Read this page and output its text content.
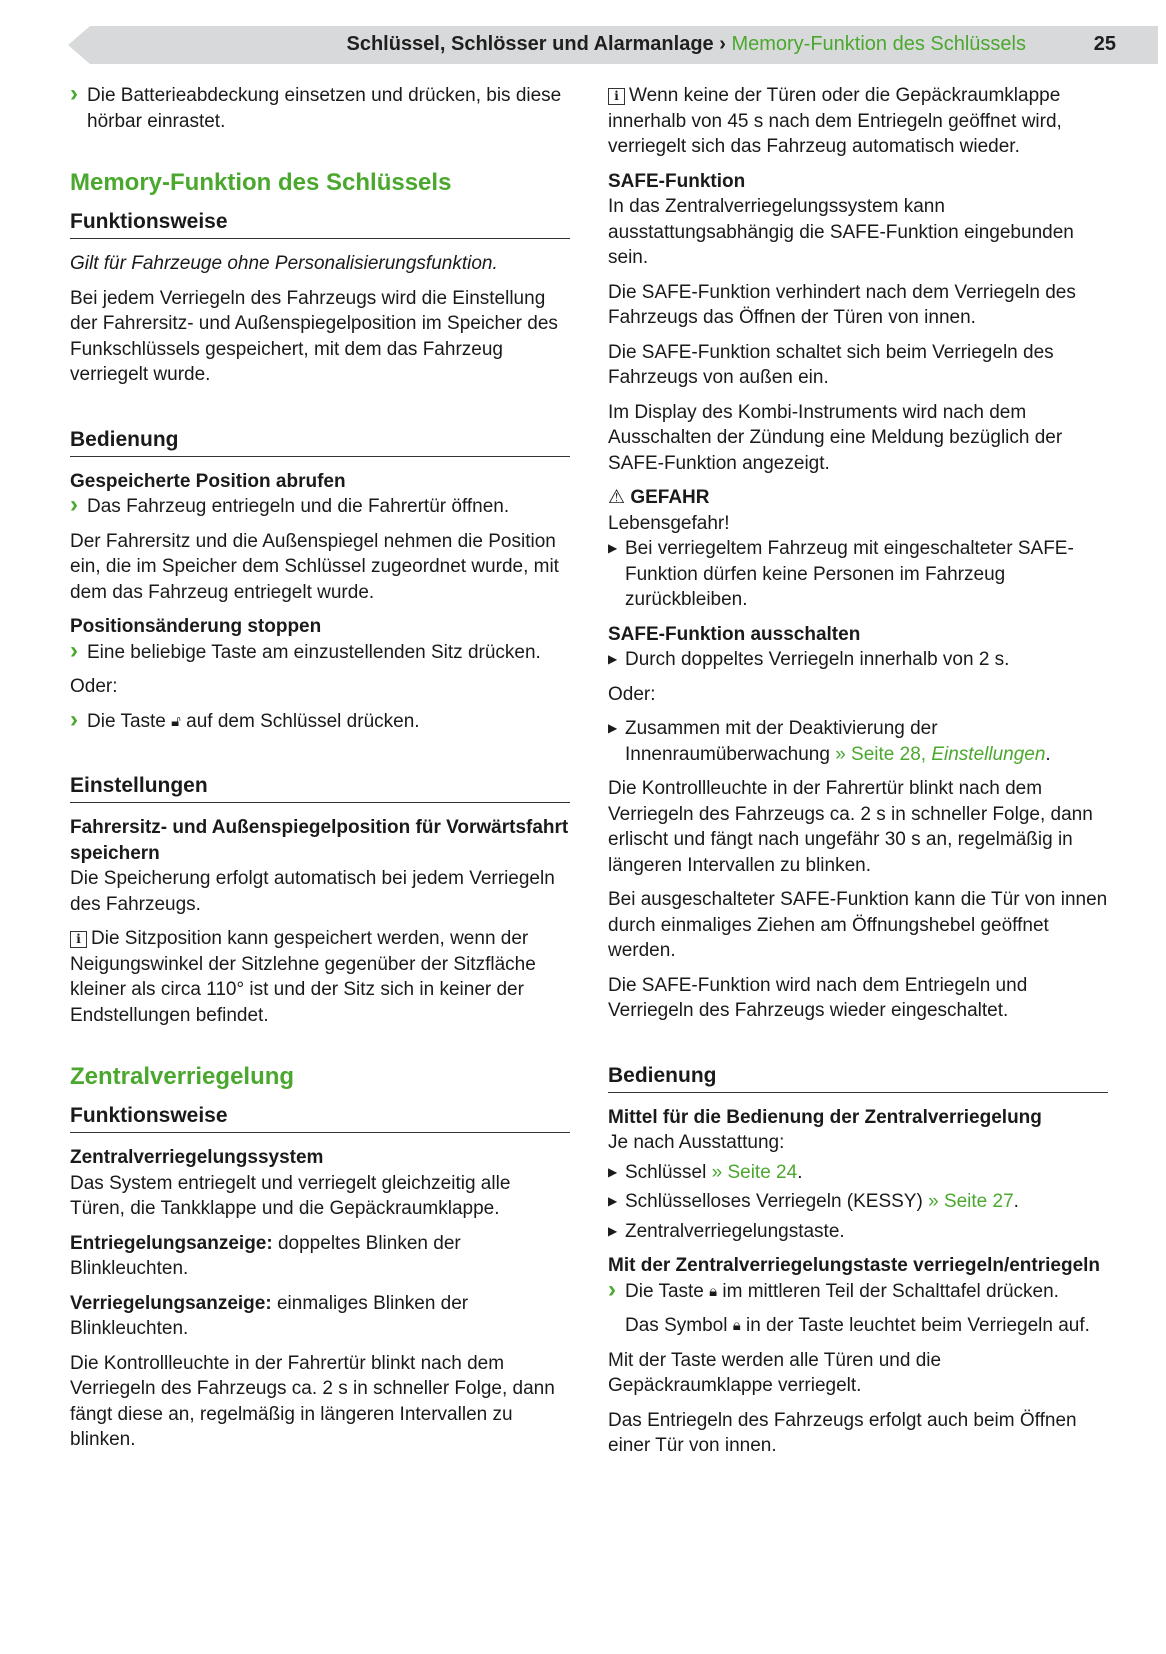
Schlüssel, Schlösser und Alarmanlage › Memory-Funktion des Schlüssels	25
› Die Batterieabdeckung einsetzen und drücken, bis diese hörbar einrastet.
Memory-Funktion des Schlüssels
Funktionsweise

Gilt für Fahrzeuge ohne Personalisierungsfunktion.

Bei jedem Verriegeln des Fahrzeugs wird die Einstellung der Fahrersitz- und Außenspiegelposition im Speicher des Funkschlüssels gespeichert, mit dem das Fahrzeug verriegelt wurde.

Bedienung
Gespeicherte Position abrufen
› Das Fahrzeug entriegeln und die Fahrertür öffnen.

Der Fahrersitz und die Außenspiegel nehmen die Position ein, die im Speicher dem Schlüssel zugeordnet wurde, mit dem das Fahrzeug entriegelt wurde.

Positionsänderung stoppen
› Eine beliebige Taste am einzustellenden Sitz drücken.

Oder:

› Die Taste 🔓︎ auf dem Schlüssel drücken.
Einstellungen
Fahrersitz- und Außenspiegelposition für Vorwärtsfahrt speichern

Die Speicherung erfolgt automatisch bei jedem Verriegeln des Fahrzeugs.

i Die Sitzposition kann gespeichert werden, wenn der Neigungswinkel der Sitzlehne gegenüber der Sitzfläche kleiner als circa 110° ist und der Sitz sich in keiner der Endstellungen befindet.

Zentralverriegelung
Funktionsweise
Zentralverriegelungssystem

Das System entriegelt und verriegelt gleichzeitig alle Türen, die Tankklappe und die Gepäckraumklappe.

Entriegelungsanzeige: doppeltes Blinken der Blinkleuchten.

Verriegelungsanzeige: einmaliges Blinken der Blinkleuchten.

Die Kontrollleuchte in der Fahrertür blinkt nach dem Verriegeln des Fahrzeugs ca. 2 s in schneller Folge, dann fängt diese an, regelmäßig in längeren Intervallen zu blinken.

i Wenn keine der Türen oder die Gepäckraumklappe innerhalb von 45 s nach dem Entriegeln geöffnet wird, verriegelt sich das Fahrzeug automatisch wieder.

SAFE-Funktion

In das Zentralverriegelungssystem kann ausstattungsabhängig die SAFE-Funktion eingebunden sein.

Die SAFE-Funktion verhindert nach dem Verriegeln des Fahrzeugs das Öffnen der Türen von innen.

Die SAFE-Funktion schaltet sich beim Verriegeln des Fahrzeugs von außen ein.

Im Display des Kombi-Instruments wird nach dem Ausschalten der Zündung eine Meldung bezüglich der SAFE-Funktion angezeigt.

⚠ GEFAHR

Lebensgefahr!

▶ Bei verriegeltem Fahrzeug mit eingeschalteter SAFE-Funktion dürfen keine Personen im Fahrzeug zurückbleiben.
SAFE-Funktion ausschalten
▶ Durch doppeltes Verriegeln innerhalb von 2 s.

Oder:

▶ Zusammen mit der Deaktivierung der Innenraumüberwachung » Seite 28, Einstellungen.

Die Kontrollleuchte in der Fahrertür blinkt nach dem Verriegeln des Fahrzeugs ca. 2 s in schneller Folge, dann erlischt und fängt nach ungefähr 30 s an, regelmäßig in längeren Intervallen zu blinken.

Bei ausgeschalteter SAFE-Funktion kann die Tür von innen durch einmaliges Ziehen am Öffnungshebel geöffnet werden.

Die SAFE-Funktion wird nach dem Entriegeln und Verriegeln des Fahrzeugs wieder eingeschaltet.

Bedienung
Mittel für die Bedienung der Zentralverriegelung

Je nach Ausstattung:

▶ Schlüssel » Seite 24.
▶ Schlüsselloses Verriegeln (KESSY) » Seite 27.
▶ Zentralverriegelungstaste.
Mit der Zentralverriegelungstaste verriegeln/entriegeln
› Die Taste 🔒︎ im mittleren Teil der Schalttafel drücken.

Das Symbol 🔒︎ in der Taste leuchtet beim Verriegeln auf.

Mit der Taste werden alle Türen und die Gepäckraumklappe verriegelt.

Das Entriegeln des Fahrzeugs erfolgt auch beim Öffnen einer Tür von innen.
